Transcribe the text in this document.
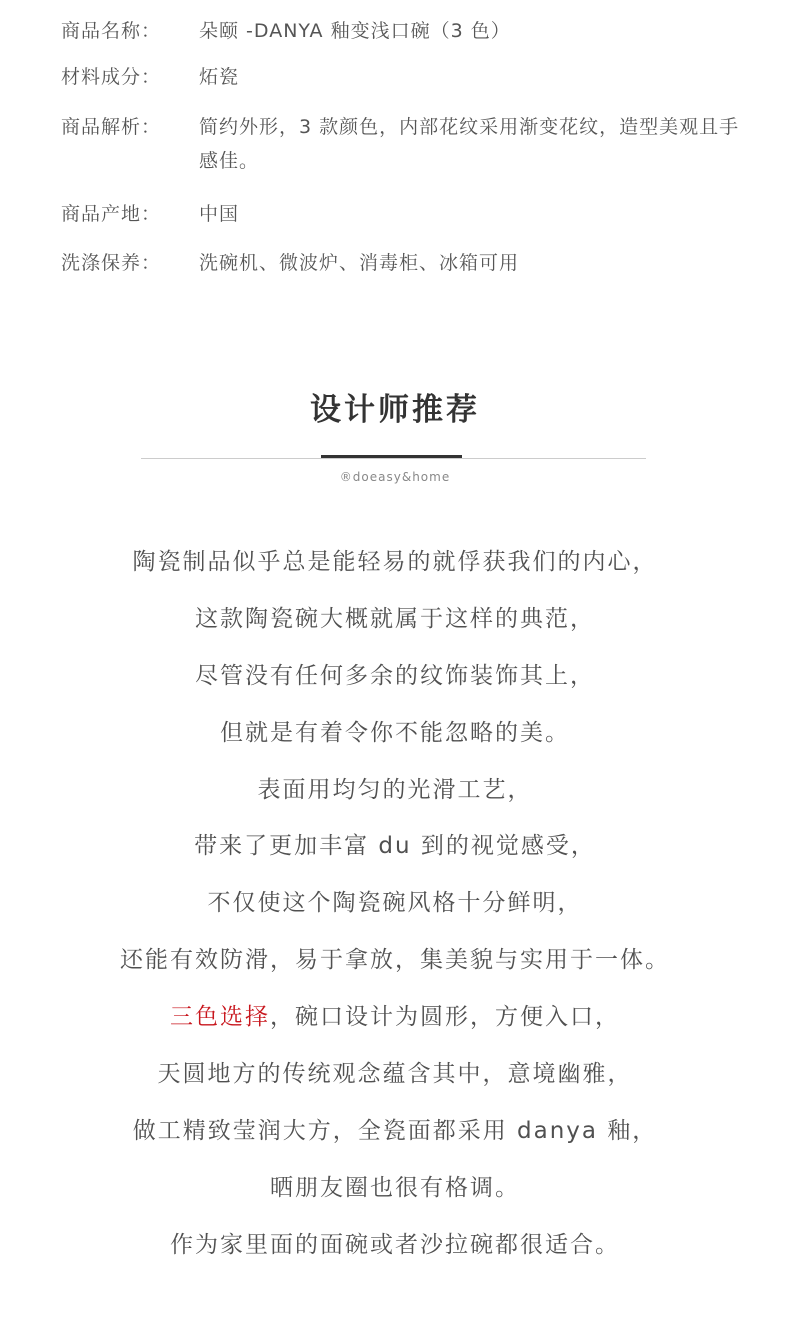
商品名称：	朵颐 -DANYA 釉变浅口碗（3 色）
材料成分：	炻瓷
商品解析：	简约外形，3 款颜色，内部花纹采用渐变花纹，造型美观且手感佳。
商品产地：	中国
洗涤保养：	洗碗机、微波炉、消毒柜、冰箱可用
设计师推荐
®doeasy&home
陶瓷制品似乎总是能轻易的就俘获我们的内心，
这款陶瓷碗大概就属于这样的典范，
尽管没有任何多余的纹饰装饰其上，
但就是有着令你不能忽略的美。
表面用均匀的光滑工艺，
带来了更加丰富 du 到的视觉感受，
不仅使这个陶瓷碗风格十分鲜明，
还能有效防滑，易于拿放，集美貌与实用于一体。
三色选择，碗口设计为圆形，方便入口，
天圆地方的传统观念蕴含其中，意境幽雅，
做工精致莹润大方，全瓷面都采用 danya 釉，
晒朋友圈也很有格调。
作为家里面的面碗或者沙拉碗都很适合。
